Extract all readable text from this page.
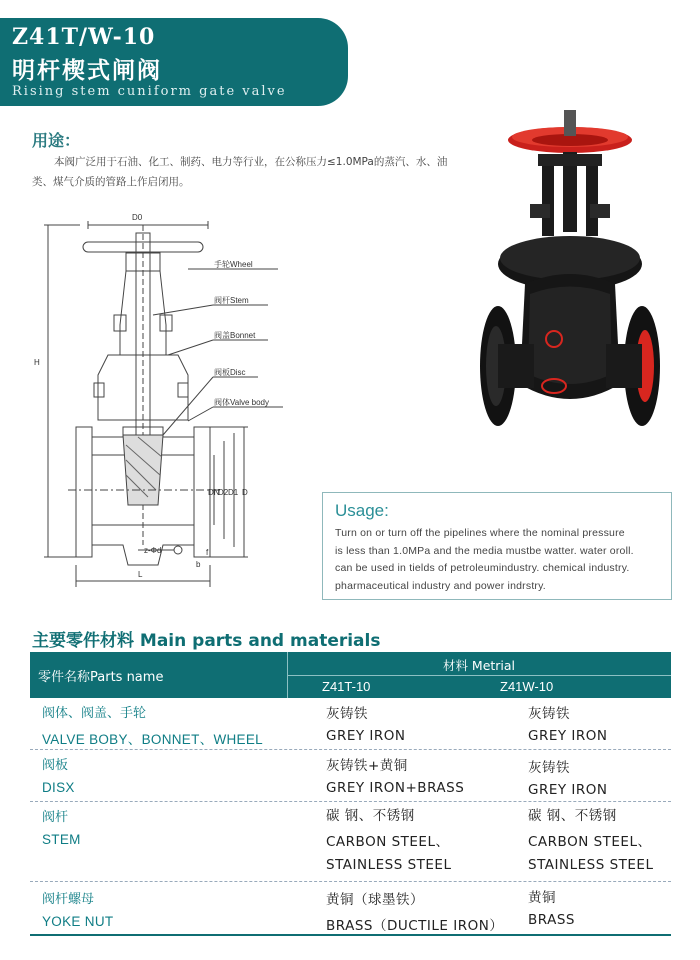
Z41T/W-10
明杆楔式闸阀
Rising stem cuniform gate valve
用途：
本阀广泛用于石油、化工、制药、电力等行业，在公称压力≤1.0MPa的蒸汽、水、油类、煤气介质的管路上作启闭用。
D0
H
L
DN
D2 D1 D
z-Φd
b
f
手轮Wheel
阀杆Stem
阀盖Bonnet
阀板Disc
阀体Valve body
Usage:
Turn on or turn off the pipelines where the nominal pressure
is less than 1.0MPa and the media mustbe watter. water oroll.
can be used in tields of petroleumindustry. chemical industry.
pharmaceutical industry and power indrstry.
主要零件材料 Main parts and materials
零件名称Parts name
材料 Metrial
Z41T-10	Z41W-10
阀体、阀盖、手轮
VALVE BOBY、BONNET、WHEEL
灰铸铁
GREY IRON
灰铸铁
GREY IRON
阀板
DISX
灰铸铁+黄铜
GREY IRON+BRASS
灰铸铁
GREY IRON
阀杆
STEM
碳 钢、不锈钢
CARBON STEEL、
STAINLESS STEEL
碳 钢、不锈钢
CARBON STEEL、
STAINLESS STEEL
阀杆螺母
YOKE NUT
黄铜（球墨铁）
BRASS（DUCTILE IRON）
黄铜
BRASS
